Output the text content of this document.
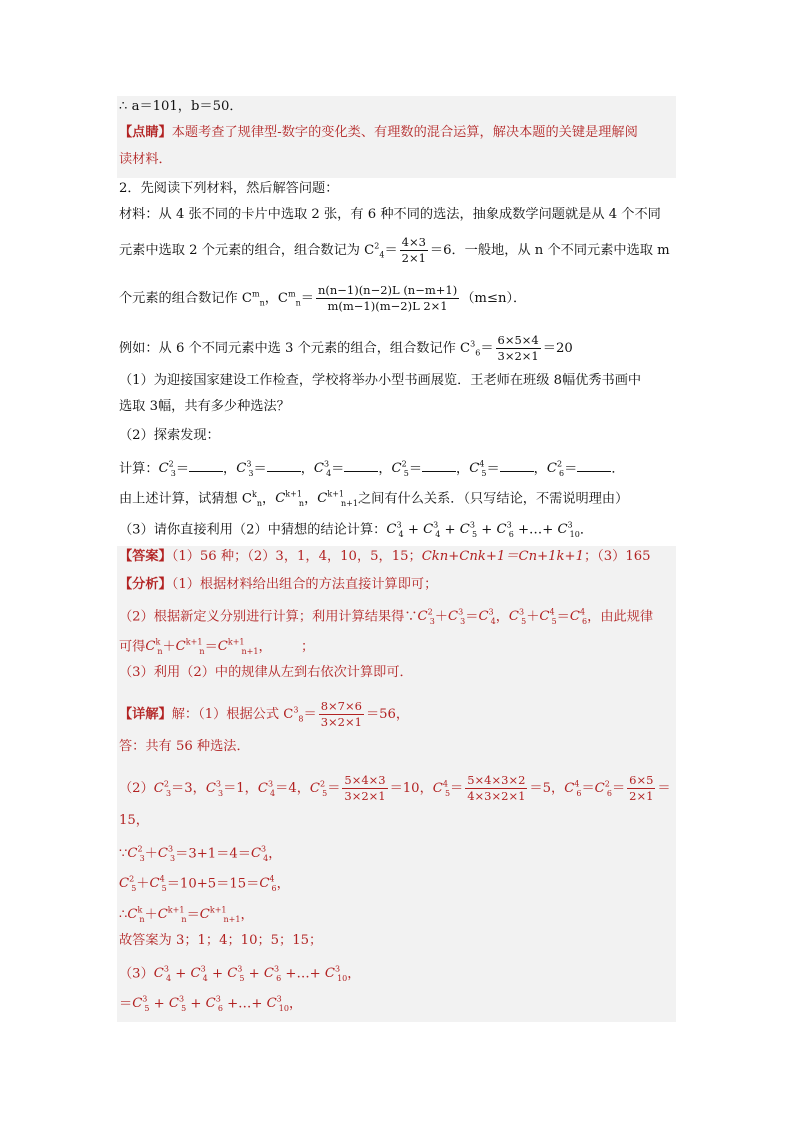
∴ a＝101，b＝50．
【点睛】本题考查了规律型-数字的变化类、有理数的混合运算，解决本题的关键是理解阅
读材料．
2．先阅读下列材料，然后解答问题：
材料：从 4 张不同的卡片中选取 2 张，有 6 种不同的选法，抽象成数学问题就是从 4 个不同
元素中选取 2 个元素的组合，组合数记为 $C^2_4= \frac{4\times 3}{2\times 1} =6$．一般地，从 n 个不同元素中选取 m
个元素的组合数记作 $C^m_n$，$C^m_n= \frac{n(n-1)(n-2)L (n-m+1)}{m(m-1)(m-2)L 2\times 1} (m\le n)$．
例如：从 6 个不同元素中选 3 个元素的组合，组合数记作 $C^3_6= \frac{6\times 5\times 4}{3\times 2\times 1} =20$
（1）为迎接国家建设工作检查，学校将举办小型书画展览．王老师在班级 8幅优秀书画中
选取 3幅，共有多少种选法？
（2）探索发现：
计算：$C^2_3=$	，$C^3_3=$	，$C^3_4=$	，$C^2_5=$	，$C^4_5=$	，$C^2_6=$	．
由上述计算，试猜想 $C^k_n$，$C^{k+1}_n$，$C^{k+1}_{n+1}$之间有什么关系．（只写结论，不需说明理由）
（3）请你直接利用（2）中猜想的结论计算：$C^3_4 + C^3_4 + C^3_5 + C^3_6$ +…+ $C^3_{10}$．
【答案】（1）56 种；（2）3，1，4，10，5，15；Ckn+Cnk+1＝Cn+1k+1；（3）165
【分析】（1）根据材料给出组合的方法直接计算即可；
（2）根据新定义分别进行计算；利用计算结果得$\because C^2_3+C^3_3=C^3_4$，$C^3_5+C^4_5=C^4_6$，由此规律
可得$C^k_n+C^{k+1}_n=C^{k+1}_{n+1}$，       ；
（3）利用（2）中的规律从左到右依次计算即可．
【详解】解：（1）根据公式 $C^3_8= \frac{8\times 7\times 6}{3\times 2\times 1} =56$，
答：共有 56 种选法．
$(2)C^2_3=3$，$C^3_3=1$，$C^3_4=4$，$C^2_5= \frac{5\times 4\times 3}{3\times 2\times 1} =10$，$C^4_5= \frac{5\times 4\times 3\times 2}{4\times 3\times 2\times 1} =5$，$C^4_6=C^2_6= \frac{6\times 5}{2\times 1}$ ＝
15，
$\because C^2_3+C^3_3=3+1=4=C^3_4$，
$C^2_5+C^4_5=10+5=15=C^4_6$，
$\therefore C^k_n+C^{k+1}_n=C^{k+1}_{n+1}$，
故答案为 3；1；4；10；5；15；
$(3)C^3_4 + C^3_4 + C^3_5 + C^3_6$ +…+ $C^3_{10}$，
$=C^3_5 + C^3_5 + C^3_6$ +…+ $C^3_{10}$，
